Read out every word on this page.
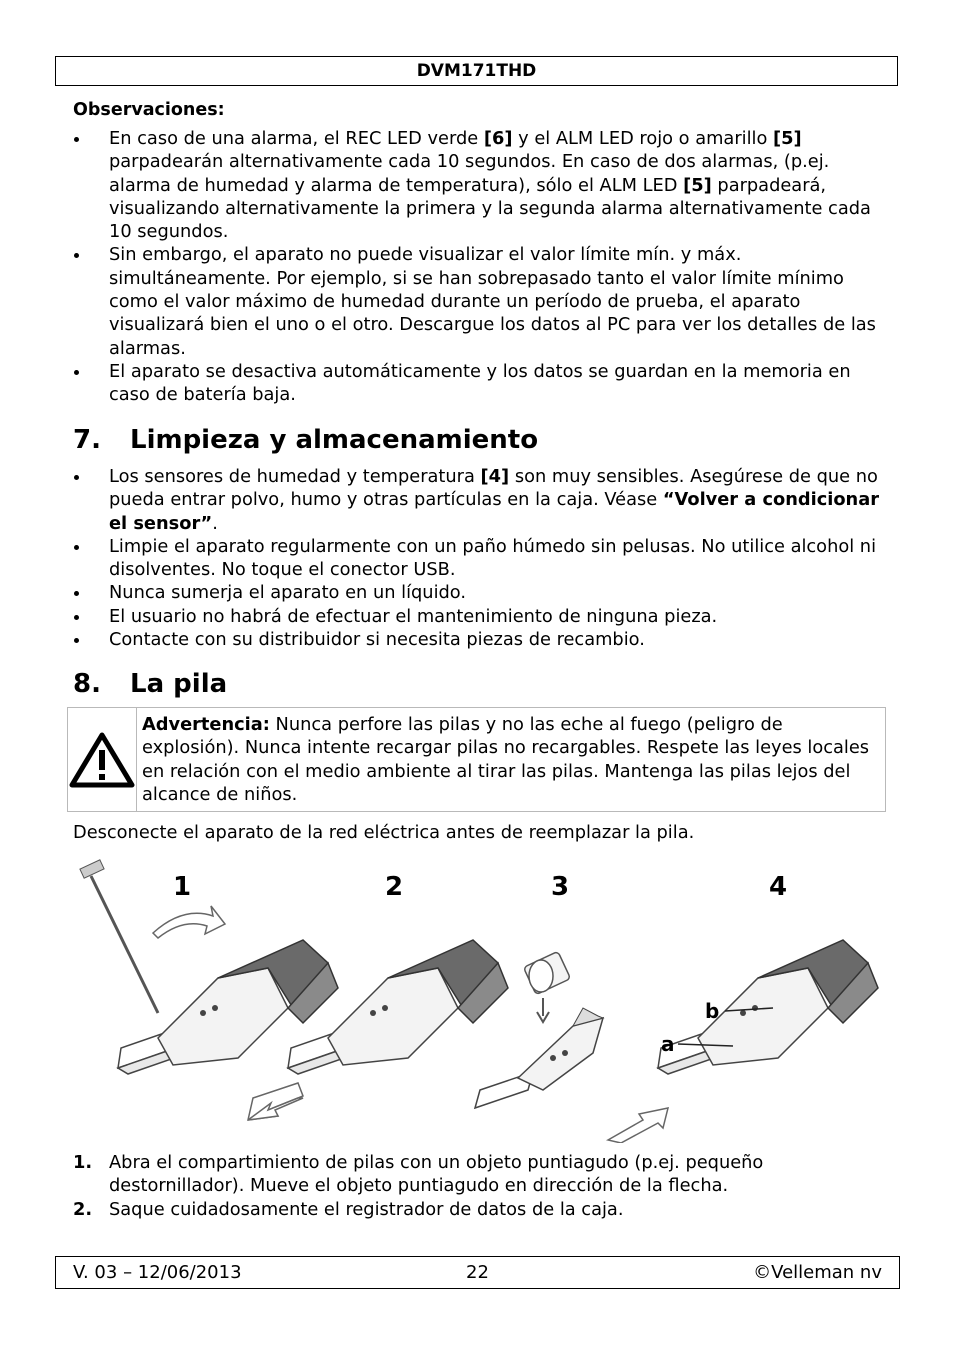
DVM171THD
Observaciones:
En caso de una alarma, el REC LED verde [6] y el ALM LED rojo o amarillo [5] parpadearán alternativamente cada 10 segundos. En caso de dos alarmas, (p.ej. alarma de humedad y alarma de temperatura), sólo el ALM LED [5] parpadeará, visualizando alternativamente la primera y la segunda alarma alternativamente cada 10 segundos.
Sin embargo, el aparato no puede visualizar el valor límite mín. y máx. simultáneamente. Por ejemplo, si se han sobrepasado tanto el valor límite mínimo como el valor máximo de humedad durante un período de prueba, el aparato visualizará bien el uno o el otro. Descargue los datos al PC para ver los detalles de las alarmas.
El aparato se desactiva automáticamente y los datos se guardan en la memoria en caso de batería baja.
7. Limpieza y almacenamiento
Los sensores de humedad y temperatura [4] son muy sensibles. Asegúrese de que no pueda entrar polvo, humo y otras partículas en la caja. Véase “Volver a condicionar el sensor”.
Limpie el aparato regularmente con un paño húmedo sin pelusas. No utilice alcohol ni disolventes. No toque el conector USB.
Nunca sumerja el aparato en un líquido.
El usuario no habrá de efectuar el mantenimiento de ninguna pieza.
Contacte con su distribuidor si necesita piezas de recambio.
8. La pila
Advertencia: Nunca perfore las pilas y no las eche al fuego (peligro de explosión). Nunca intente recargar pilas no recargables. Respete las leyes locales en relación con el medio ambiente al tirar las pilas. Mantenga las pilas lejos del alcance de niños.
Desconecte el aparato de la red eléctrica antes de reemplazar la pila.
1	2	3	4
b
a
1. Abra el compartimiento de pilas con un objeto puntiagudo (p.ej. pequeño destornillador). Mueve el objeto puntiagudo en dirección de la flecha.
2. Saque cuidadosamente el registrador de datos de la caja.
V. 03 – 12/06/2013	22	©Velleman nv
